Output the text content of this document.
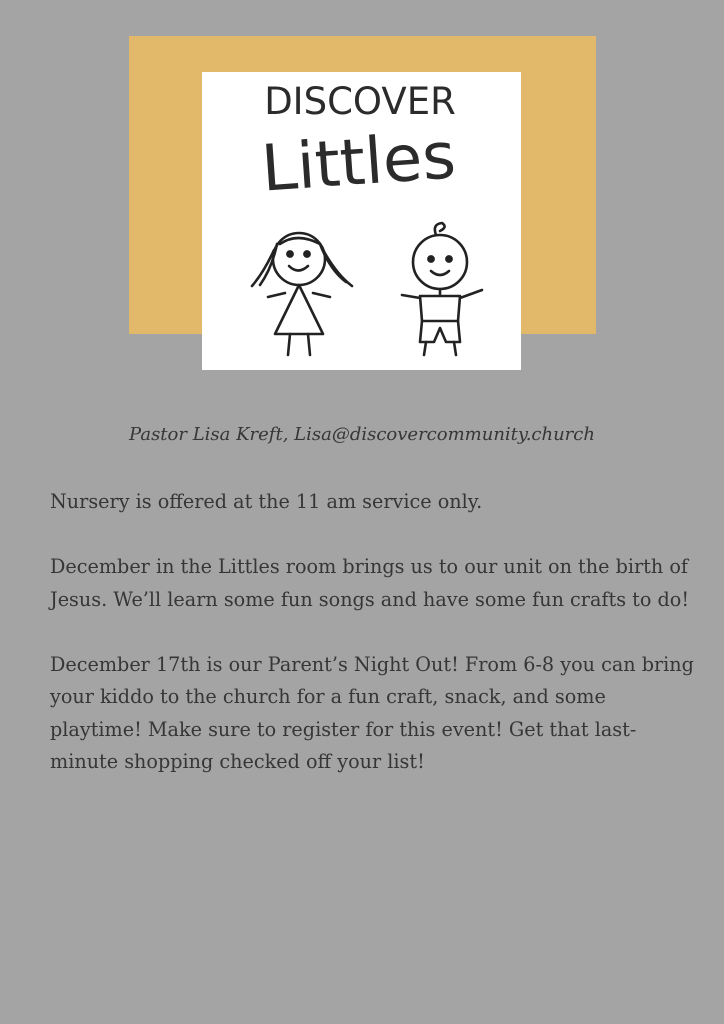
DISCOVER
Littles
Pastor Lisa Kreft, Lisa@discovercommunity.church

Nursery is offered at the 11 am service only.

December in the Littles room brings us to our unit on the birth of Jesus. We’ll learn some fun songs and have some fun crafts to do!

December 17th is our Parent’s Night Out! From 6-8 you can bring your kiddo to the church for a fun craft, snack, and some playtime! Make sure to register for this event! Get that last-minute shopping checked off your list!
